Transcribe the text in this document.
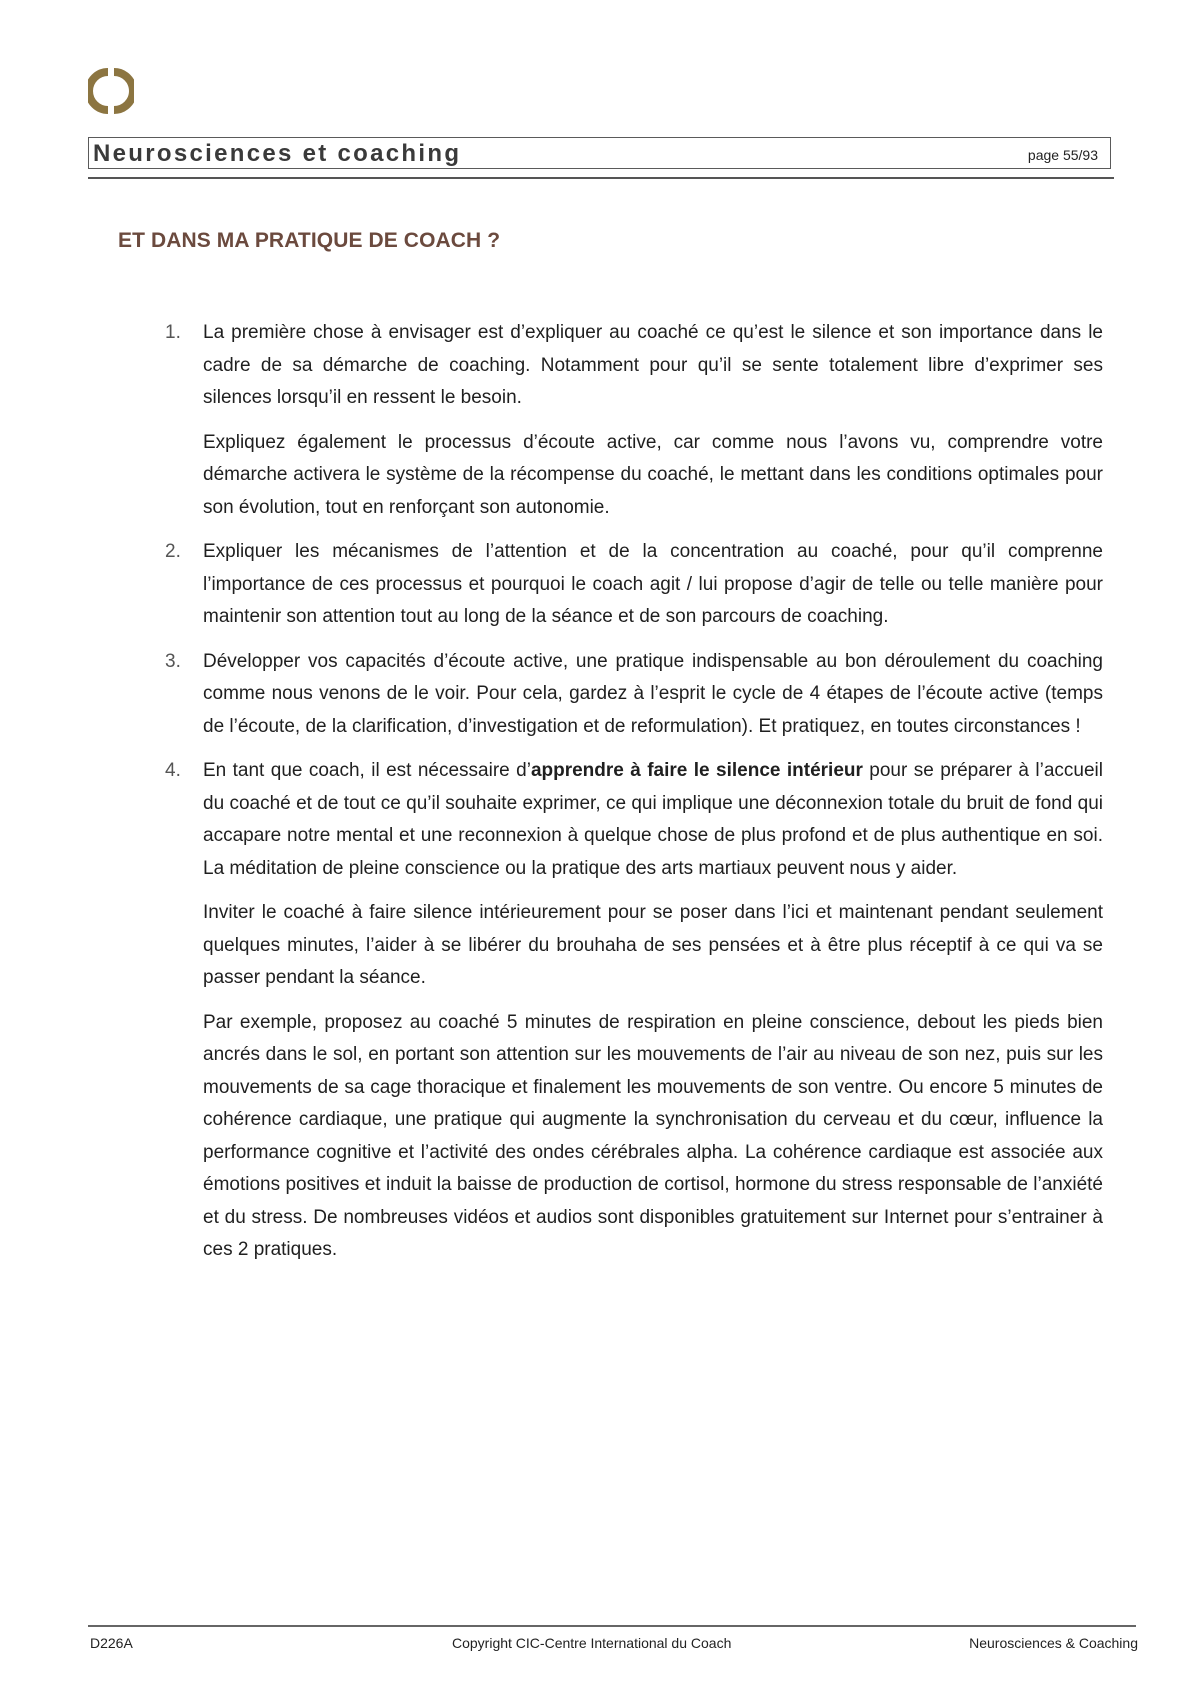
Neurosciences et coaching	page 55/93
ET DANS MA PRATIQUE DE COACH ?
1. La première chose à envisager est d’expliquer au coaché ce qu’est le silence et son importance dans le cadre de sa démarche de coaching. Notamment pour qu’il se sente totalement libre d’exprimer ses silences lorsqu’il en ressent le besoin.

Expliquez également le processus d’écoute active, car comme nous l’avons vu, comprendre votre démarche activera le système de la récompense du coaché, le mettant dans les conditions optimales pour son évolution, tout en renforçant son autonomie.

2. Expliquer les mécanismes de l’attention et de la concentration au coaché, pour qu’il comprenne l’importance de ces processus et pourquoi le coach agit / lui propose d’agir de telle ou telle manière pour maintenir son attention tout au long de la séance et de son parcours de coaching.

3. Développer vos capacités d’écoute active, une pratique indispensable au bon déroulement du coaching comme nous venons de le voir. Pour cela, gardez à l’esprit le cycle de 4 étapes de l’écoute active (temps de l’écoute, de la clarification, d’investigation et de reformulation). Et pratiquez, en toutes circonstances !

4. En tant que coach, il est nécessaire d’apprendre à faire le silence intérieur pour se préparer à l’accueil du coaché et de tout ce qu’il souhaite exprimer, ce qui implique une déconnexion totale du bruit de fond qui accapare notre mental et une reconnexion à quelque chose de plus profond et de plus authentique en soi. La méditation de pleine conscience ou la pratique des arts martiaux peuvent nous y aider.

Inviter le coaché à faire silence intérieurement pour se poser dans l’ici et maintenant pendant seulement quelques minutes, l’aider à se libérer du brouhaha de ses pensées et à être plus réceptif à ce qui va se passer pendant la séance.

Par exemple, proposez au coaché 5 minutes de respiration en pleine conscience, debout les pieds bien ancrés dans le sol, en portant son attention sur les mouvements de l’air au niveau de son nez, puis sur les mouvements de sa cage thoracique et finalement les mouvements de son ventre. Ou encore 5 minutes de cohérence cardiaque, une pratique qui augmente la synchronisation du cerveau et du cœur, influence la performance cognitive et l’activité des ondes cérébrales alpha. La cohérence cardiaque est associée aux émotions positives et induit la baisse de production de cortisol, hormone du stress responsable de l’anxiété et du stress. De nombreuses vidéos et audios sont disponibles gratuitement sur Internet pour s’entrainer à ces 2 pratiques.

D226A	Copyright CIC-Centre International du Coach	Neurosciences & Coaching
